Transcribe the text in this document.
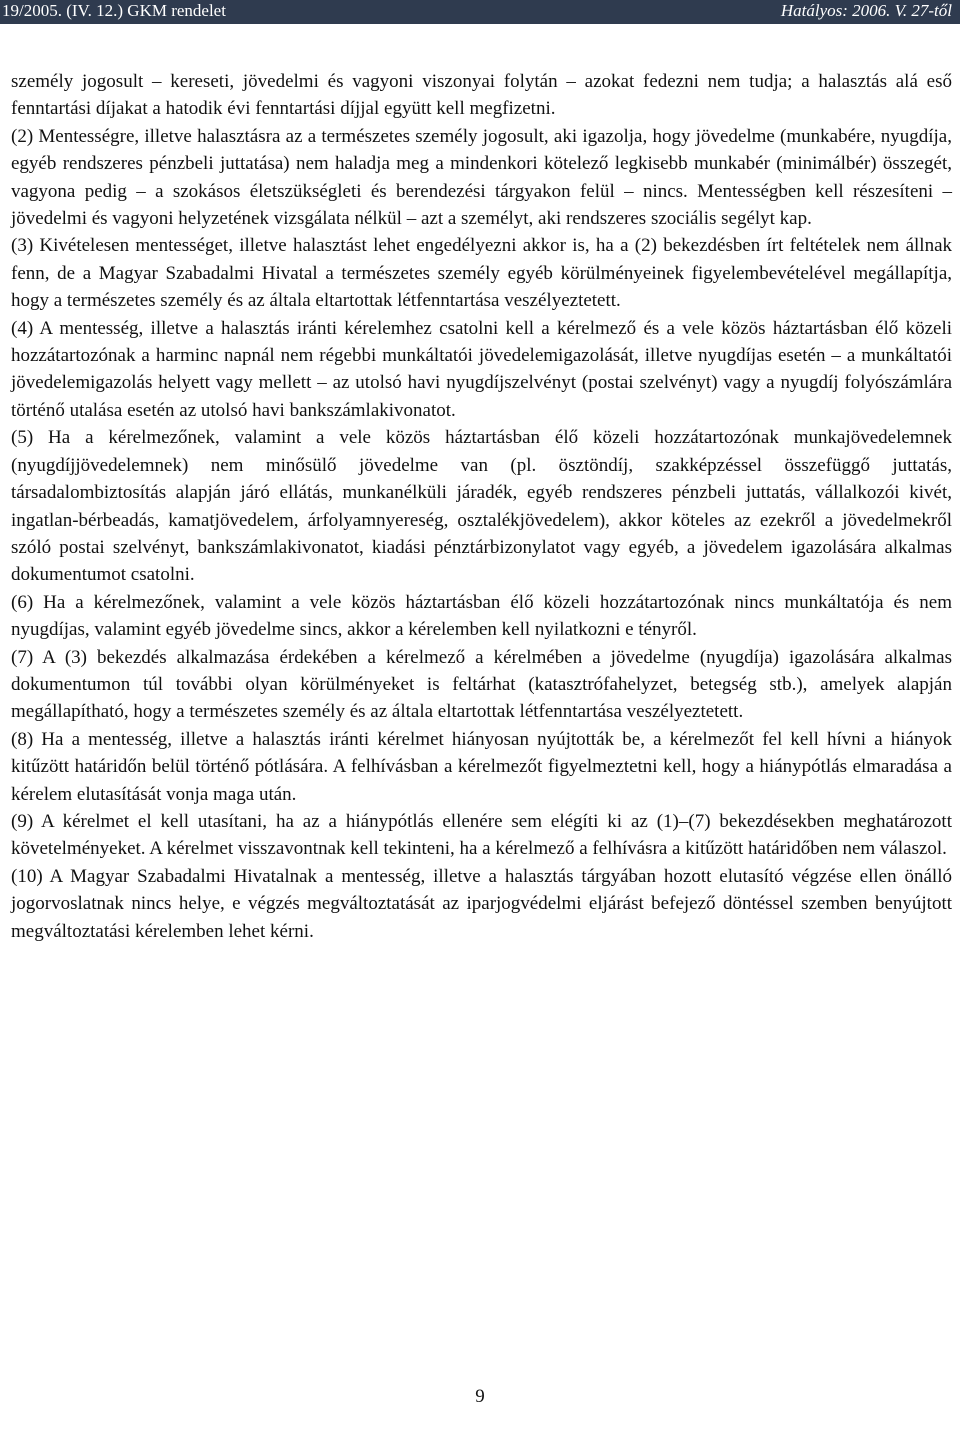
19/2005. (IV. 12.) GKM rendelet	Hatályos: 2006. V. 27-től

személy jogosult – kereseti, jövedelmi és vagyoni viszonyai folytán – azokat fedezni nem tudja; a halasztás alá eső fenntartási díjakat a hatodik évi fenntartási díjjal együtt kell megfizetni.

(2) Mentességre, illetve halasztásra az a természetes személy jogosult, aki igazolja, hogy jövedelme (munkabére, nyugdíja, egyéb rendszeres pénzbeli juttatása) nem haladja meg a mindenkori kötelező legkisebb munkabér (minimálbér) összegét, vagyona pedig – a szokásos életszükségleti és berendezési tárgyakon felül – nincs. Mentességben kell részesíteni – jövedelmi és vagyoni helyzetének vizsgálata nélkül – azt a személyt, aki rendszeres szociális segélyt kap.

(3) Kivételesen mentességet, illetve halasztást lehet engedélyezni akkor is, ha a (2) bekezdésben írt feltételek nem állnak fenn, de a Magyar Szabadalmi Hivatal a természetes személy egyéb körülményeinek figyelembevételével megállapítja, hogy a természetes személy és az általa eltartottak létfenntartása veszélyeztetett.

(4) A mentesség, illetve a halasztás iránti kérelemhez csatolni kell a kérelmező és a vele közös háztartásban élő közeli hozzátartozónak a harminc napnál nem régebbi munkáltatói jövedelemigazolását, illetve nyugdíjas esetén – a munkáltatói jövedelemigazolás helyett vagy mellett – az utolsó havi nyugdíjszelvényt (postai szelvényt) vagy a nyugdíj folyószámlára történő utalása esetén az utolsó havi bankszámlakivonatot.

(5) Ha a kérelmezőnek, valamint a vele közös háztartásban élő közeli hozzátartozónak munkajövedelemnek (nyugdíjjövedelemnek) nem minősülő jövedelme van (pl. ösztöndíj, szakképzéssel összefüggő juttatás, társadalombiztosítás alapján járó ellátás, munkanélküli járadék, egyéb rendszeres pénzbeli juttatás, vállalkozói kivét, ingatlan-bérbeadás, kamatjövedelem, árfolyamnyereség, osztalékjövedelem), akkor köteles az ezekről a jövedelmekről szóló postai szelvényt, bankszámlakivonatot, kiadási pénztárbizonylatot vagy egyéb, a jövedelem igazolására alkalmas dokumentumot csatolni.

(6) Ha a kérelmezőnek, valamint a vele közös háztartásban élő közeli hozzátartozónak nincs munkáltatója és nem nyugdíjas, valamint egyéb jövedelme sincs, akkor a kérelemben kell nyilatkozni e tényről.

(7) A (3) bekezdés alkalmazása érdekében a kérelmező a kérelmében a jövedelme (nyugdíja) igazolására alkalmas dokumentumon túl további olyan körülményeket is feltárhat (katasztrófahelyzet, betegség stb.), amelyek alapján megállapítható, hogy a természetes személy és az általa eltartottak létfenntartása veszélyeztetett.

(8) Ha a mentesség, illetve a halasztás iránti kérelmet hiányosan nyújtották be, a kérelmezőt fel kell hívni a hiányok kitűzött határidőn belül történő pótlására. A felhívásban a kérelmezőt figyelmeztetni kell, hogy a hiánypótlás elmaradása a kérelem elutasítását vonja maga után.

(9) A kérelmet el kell utasítani, ha az a hiánypótlás ellenére sem elégíti ki az (1)–(7) bekezdésekben meghatározott követelményeket. A kérelmet visszavontnak kell tekinteni, ha a kérelmező a felhívásra a kitűzött határidőben nem válaszol.

(10) A Magyar Szabadalmi Hivatalnak a mentesség, illetve a halasztás tárgyában hozott elutasító végzése ellen önálló jogorvoslatnak nincs helye, e végzés megváltoztatását az iparjogvédelmi eljárást befejező döntéssel szemben benyújtott megváltoztatási kérelemben lehet kérni.

9
